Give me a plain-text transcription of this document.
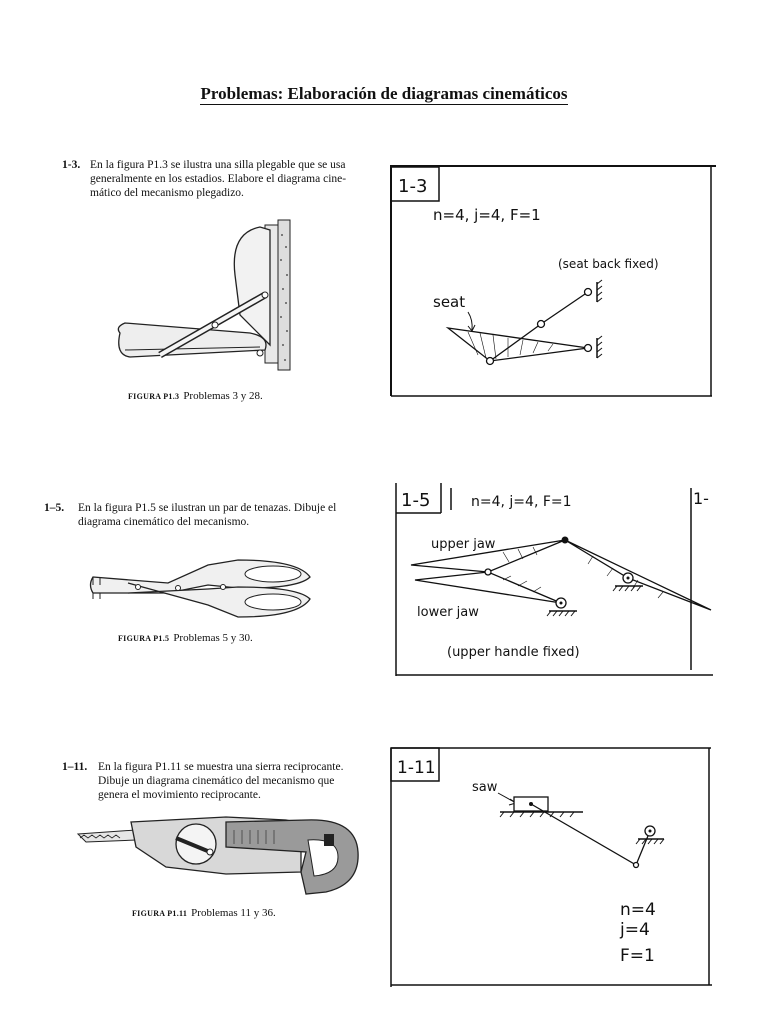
Problemas: Elaboración de diagramas cinemáticos
1-3. En la figura P1.3 se ilustra una silla plegable que se usa
generalmente en los estadios. Elabore el diagrama cine-
mático del mecanismo plegadizo.
FIGURA P1.3 Problemas 3 y 28.
1-3
n=4, j=4, F=1
(seat back fixed)
seat
1–5. En la figura P1.5 se ilustran un par de tenazas. Dibuje el
diagrama cinemático del mecanismo.
FIGURA P1.5 Problemas 5 y 30.
1-5	n=4, j=4, F=1	1-
upper jaw
lower jaw
(upper handle fixed)
1–11. En la figura P1.11 se muestra una sierra reciprocante.
Dibuje un diagrama cinemático del mecanismo que
genera el movimiento reciprocante.
FIGURA P1.11 Problemas 11 y 36.
1-11
saw
n=4
j=4
F=1
